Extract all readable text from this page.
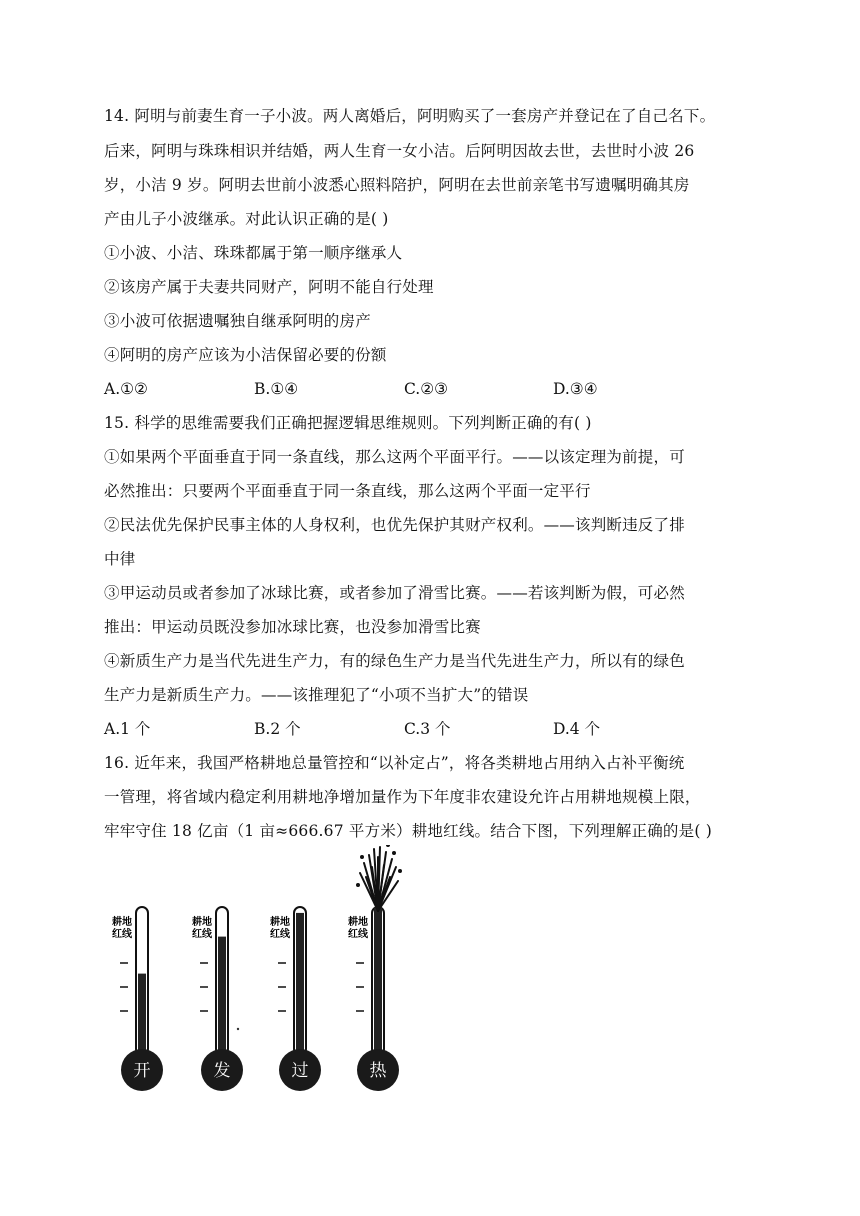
14. 阿明与前妻生育一子小波。两人离婚后，阿明购买了一套房产并登记在了自己名下。
后来，阿明与珠珠相识并结婚，两人生育一女小洁。后阿明因故去世，去世时小波 26
岁，小洁 9 岁。阿明去世前小波悉心照料陪护，阿明在去世前亲笔书写遗嘱明确其房
产由儿子小波继承。对此认识正确的是( )
①小波、小洁、珠珠都属于第一顺序继承人
②该房产属于夫妻共同财产，阿明不能自行处理
③小波可依据遗嘱独自继承阿明的房产
④阿明的房产应该为小洁保留必要的份额
A.①②	B.①④	C.②③	D.③④
15. 科学的思维需要我们正确把握逻辑思维规则。下列判断正确的有( )
①如果两个平面垂直于同一条直线，那么这两个平面平行。——以该定理为前提，可
必然推出：只要两个平面垂直于同一条直线，那么这两个平面一定平行
②民法优先保护民事主体的人身权利，也优先保护其财产权利。——该判断违反了排
中律
③甲运动员或者参加了冰球比赛，或者参加了滑雪比赛。——若该判断为假，可必然
推出：甲运动员既没参加冰球比赛，也没参加滑雪比赛
④新质生产力是当代先进生产力，有的绿色生产力是当代先进生产力，所以有的绿色
生产力是新质生产力。——该推理犯了“小项不当扩大”的错误
A.1 个	B.2 个	C.3 个	D.4 个
16. 近年来，我国严格耕地总量管控和“以补定占”，将各类耕地占用纳入占补平衡统
一管理，将省域内稳定利用耕地净增加量作为下年度非农建设允许占用耕地规模上限，
牢牢守住 18 亿亩（1 亩≈666.67 平方米）耕地红线。结合下图，下列理解正确的是( )
耕地
红线
开
耕地
红线
发
耕地
红线
过
耕地
红线
热
